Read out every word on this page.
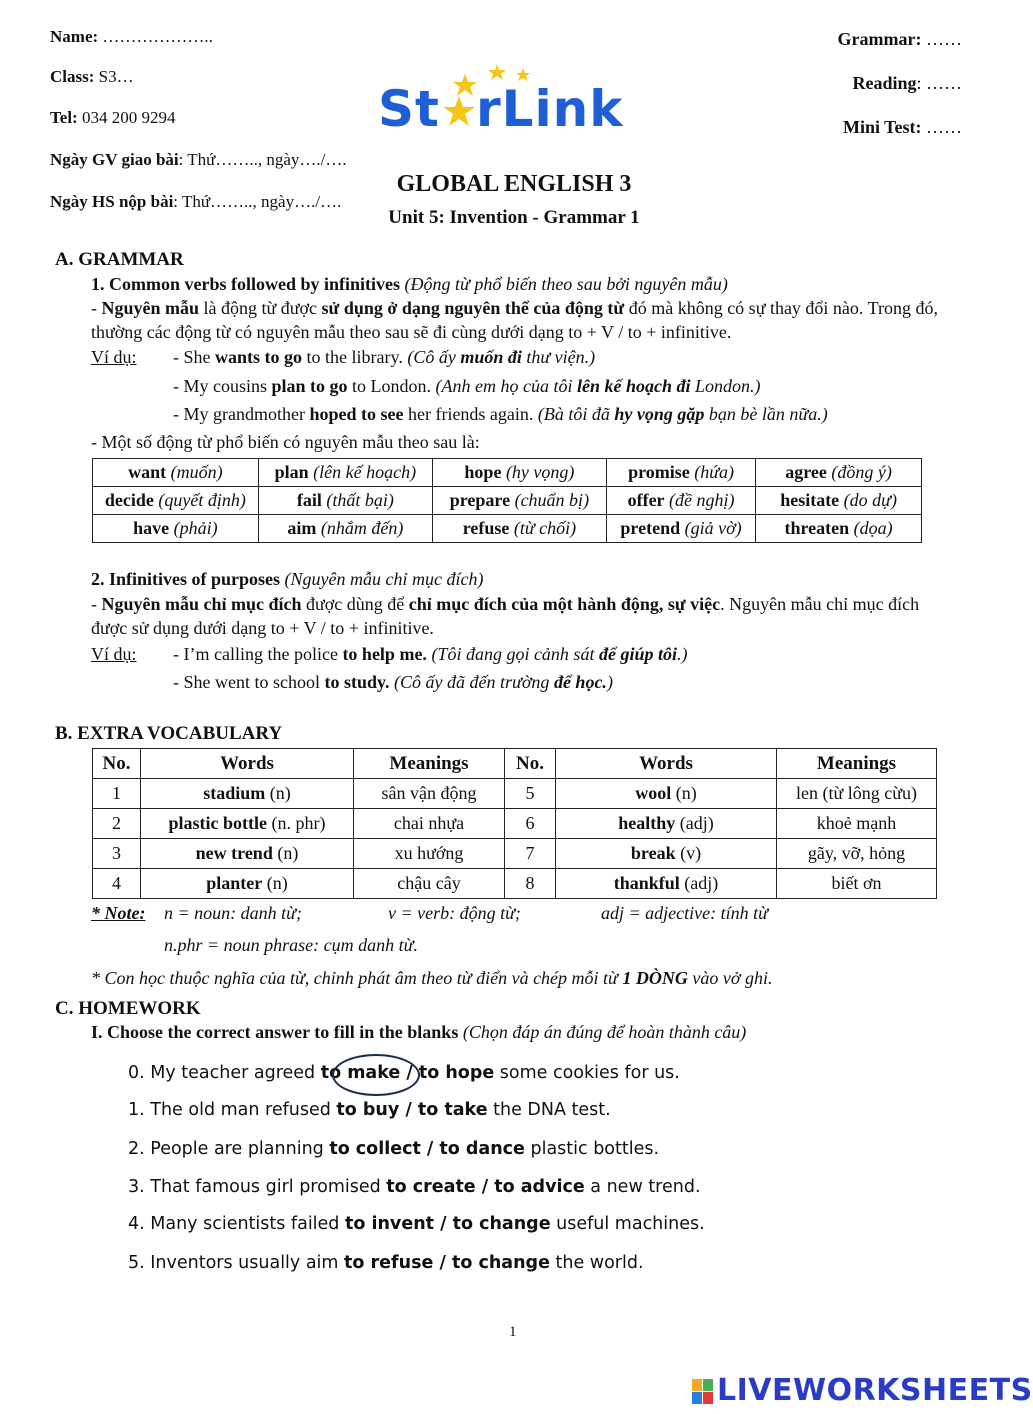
Name: ………………..
Class: S3…
Tel: 034 200 9294
Ngày GV giao bài: Thứ…….., ngày…./….
Ngày HS nộp bài: Thứ…….., ngày…./….
Grammar: ……
Reading: ……
Mini Test: ……
St rLink
GLOBAL ENGLISH 3
Unit 5: Invention - Grammar 1
A. GRAMMAR
1. Common verbs followed by infinitives (Động từ phổ biến theo sau bởi nguyên mẫu)
- Nguyên mẫu là động từ được sử dụng ở dạng nguyên thể của động từ đó mà không có sự thay đổi nào. Trong đó, thường các động từ có nguyên mẫu theo sau sẽ đi cùng dưới dạng to + V / to + infinitive.
Ví dụ: - She wants to go to the library. (Cô ấy muốn đi thư viện.)
- My cousins plan to go to London. (Anh em họ của tôi lên kế hoạch đi London.)
- My grandmother hoped to see her friends again. (Bà tôi đã hy vọng gặp bạn bè lần nữa.)
- Một số động từ phổ biến có nguyên mẫu theo sau là:
want (muốn)	plan (lên kế hoạch)	hope (hy vọng)	promise (hứa)	agree (đồng ý)
decide (quyết định)	fail (thất bại)	prepare (chuẩn bị)	offer (đề nghị)	hesitate (do dự)
have (phải)	aim (nhắm đến)	refuse (từ chối)	pretend (giả vờ)	threaten (dọa)
2. Infinitives of purposes (Nguyên mẫu chỉ mục đích)
- Nguyên mẫu chỉ mục đích được dùng để chỉ mục đích của một hành động, sự việc. Nguyên mẫu chỉ mục đích được sử dụng dưới dạng to + V / to + infinitive.
Ví dụ: - I’m calling the police to help me. (Tôi đang gọi cảnh sát để giúp tôi.)
- She went to school to study. (Cô ấy đã đến trường để học.)
B. EXTRA VOCABULARY
No.	Words	Meanings	No.	Words	Meanings
1	stadium (n)	sân vận động	5	wool (n)	len (từ lông cừu)
2	plastic bottle (n. phr)	chai nhựa	6	healthy (adj)	khoẻ mạnh
3	new trend (n)	xu hướng	7	break (v)	gãy, vỡ, hỏng
4	planter (n)	chậu cây	8	thankful (adj)	biết ơn
* Note: n = noun: danh từ;	v = verb: động từ;	adj = adjective: tính từ
n.phr = noun phrase: cụm danh từ.
* Con học thuộc nghĩa của từ, chỉnh phát âm theo từ điển và chép mỗi từ 1 DÒNG vào vở ghi.
C. HOMEWORK
I. Choose the correct answer to fill in the blanks (Chọn đáp án đúng để hoàn thành câu)
0. My teacher agreed to make / to hope some cookies for us.
1. The old man refused to buy / to take the DNA test.
2. People are planning to collect / to dance plastic bottles.
3. That famous girl promised to create / to advice a new trend.
4. Many scientists failed to invent / to change useful machines.
5. Inventors usually aim to refuse / to change the world.
1
LIVEWORKSHEETS
